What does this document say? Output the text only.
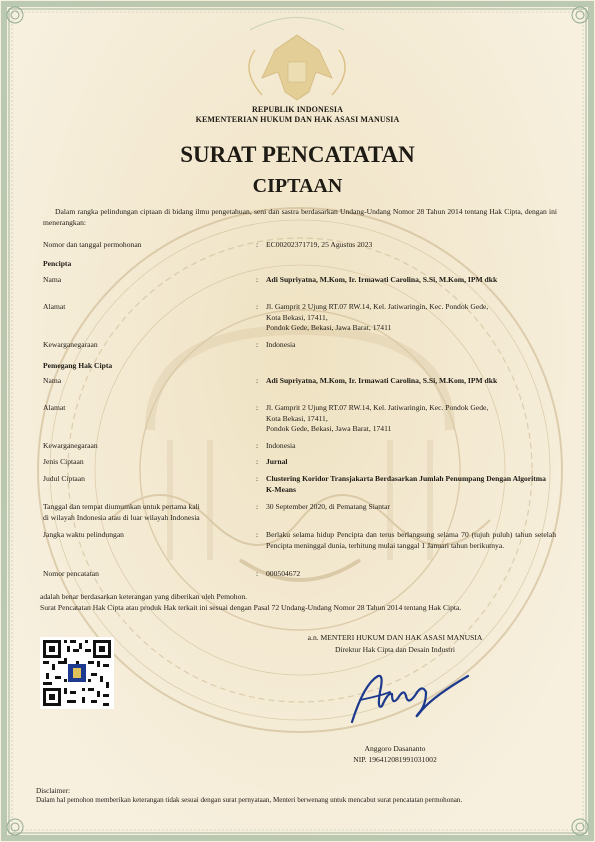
REPUBLIK INDONESIA
KEMENTERIAN HUKUM DAN HAK ASASI MANUSIA
SURAT PENCATATAN
CIPTAAN
Dalam rangka pelindungan ciptaan di bidang ilmu pengetahuan, seni dan sastra berdasarkan Undang-Undang Nomor 28 Tahun 2014 tentang Hak Cipta, dengan ini menerangkan:
Nomor dan tanggal permohonan	: EC00202371719, 25 Agustus 2023
Pencipta
Nama	: Adi Supriyatna, M.Kom, Ir. Irmawati Carolina, S.Si, M.Kom, IPM dkk
Alamat	: Jl. Gamprit 2 Ujung RT.07 RW.14, Kel. Jatiwaringin, Kec. Pondok Gede,
Kota Bekasi, 17411,
Pondok Gede, Bekasi, Jawa Barat, 17411
Kewarganegaraan	: Indonesia
Pemegang Hak Cipta
Nama	: Adi Supriyatna, M.Kom, Ir. Irmawati Carolina, S.Si, M.Kom, IPM dkk
Alamat	: Jl. Gamprit 2 Ujung RT.07 RW.14, Kel. Jatiwaringin, Kec. Pondok Gede,
Kota Bekasi, 17411,
Pondok Gede, Bekasi, Jawa Barat, 17411
Kewarganegaraan	: Indonesia
Jenis Ciptaan	: Jurnal
Judul Ciptaan	: Clustering Koridor Transjakarta Berdasarkan Jumlah Penumpang Dengan Algoritma K-Means
Tanggal dan tempat diumumkan untuk pertama kali
di wilayah Indonesia atau di luar wilayah Indonesia
: 30 September 2020, di Pematang Siantar
Jangka waktu pelindungan	: Berlaku selama hidup Pencipta dan terus berlangsung selama 70 (tujuh puluh) tahun setelah Pencipta meninggal dunia, terhitung mulai tanggal 1 Januari tahun berikutnya.
Nomor pencatatan	: 000504672
adalah benar berdasarkan keterangan yang diberikan oleh Pemohon.
Surat Pencatatan Hak Cipta atau produk Hak terkait ini sesuai dengan Pasal 72 Undang-Undang Nomor 28 Tahun 2014 tentang Hak Cipta.
a.n. MENTERI HUKUM DAN HAK ASASI MANUSIA
Direktur Hak Cipta dan Desain Industri
Anggoro Dasananto
NIP. 196412081991031002
Disclaimer:
Dalam hal pemohon memberikan keterangan tidak sesuai dengan surat pernyataan, Menteri berwenang untuk mencabut surat pencatatan permohonan.
